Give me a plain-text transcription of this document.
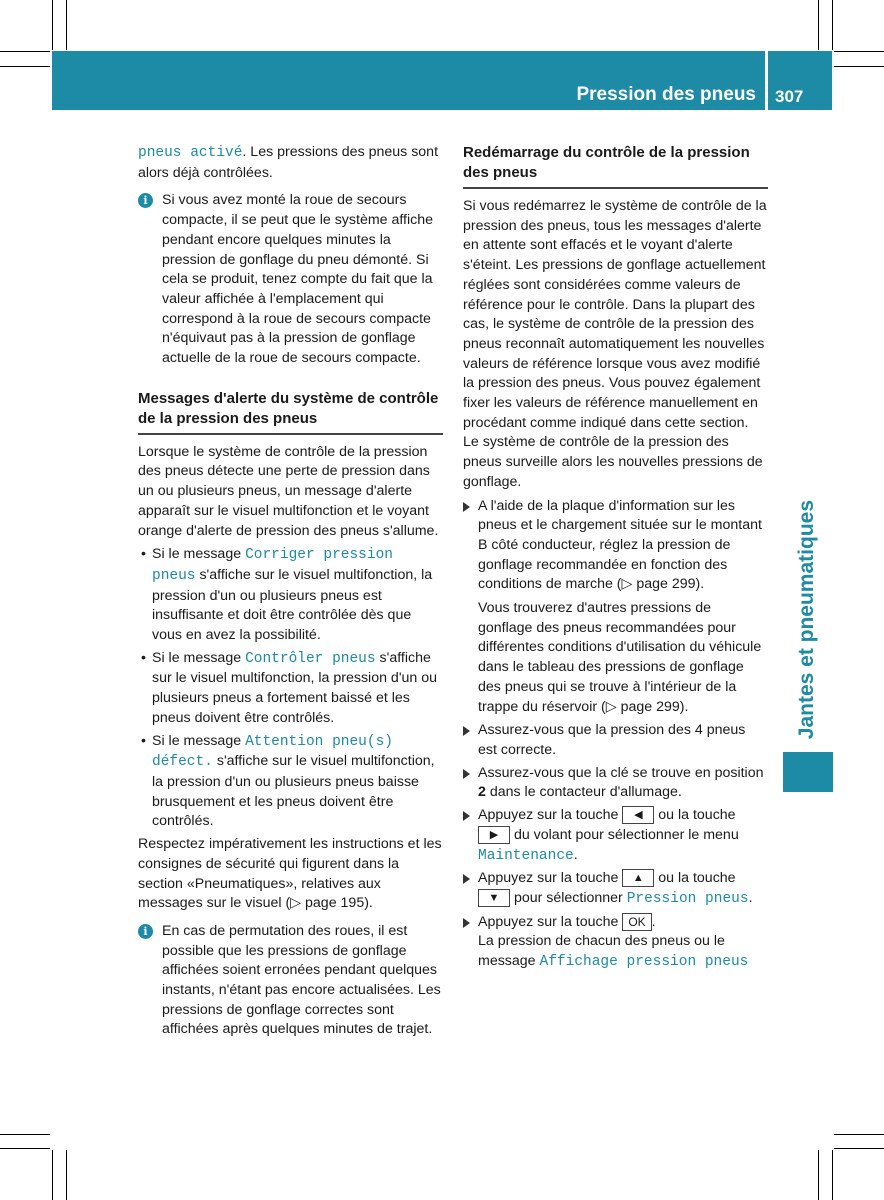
Pression des pneus 307
Jantes et pneumatiques

pneus activé. Les pressions des pneus sont alors déjà contrôlées.

i	Si vous avez monté la roue de secours compacte, il se peut que le système affiche pendant encore quelques minutes la pression de gonflage du pneu démonté. Si cela se produit, tenez compte du fait que la valeur affichée à l'emplacement qui correspond à la roue de secours compacte n'équivaut pas à la pression de gonflage actuelle de la roue de secours compacte.
Messages d'alerte du système de contrôle de la pression des pneus

Lorsque le système de contrôle de la pression des pneus détecte une perte de pression dans un ou plusieurs pneus, un message d'alerte apparaît sur le visuel multifonction et le voyant orange d'alerte de pression des pneus s'allume.

• Si le message Corriger pression pneus s'affiche sur le visuel multifonction, la pression d'un ou plusieurs pneus est insuffisante et doit être contrôlée dès que vous en avez la possibilité.
• Si le message Contrôler pneus s'affiche sur le visuel multifonction, la pression d'un ou plusieurs pneus a fortement baissé et les pneus doivent être contrôlés.
• Si le message Attention pneu(s) défect. s'affiche sur le visuel multifonction, la pression d'un ou plusieurs pneus baisse brusquement et les pneus doivent être contrôlés.

Respectez impérativement les instructions et les consignes de sécurité qui figurent dans la section «Pneumatiques», relatives aux messages sur le visuel (▷ page 195).

i	En cas de permutation des roues, il est possible que les pressions de gonflage affichées soient erronées pendant quelques instants, n'étant pas encore actualisées. Les pressions de gonflage correctes sont affichées après quelques minutes de trajet.
Redémarrage du contrôle de la pression des pneus

Si vous redémarrez le système de contrôle de la pression des pneus, tous les messages d'alerte en attente sont effacés et le voyant d'alerte s'éteint. Les pressions de gonflage actuellement réglées sont considérées comme valeurs de référence pour le contrôle. Dans la plupart des cas, le système de contrôle de la pression des pneus reconnaît automatiquement les nouvelles valeurs de référence lorsque vous avez modifié la pression des pneus. Vous pouvez également fixer les valeurs de référence manuellement en procédant comme indiqué dans cette section. Le système de contrôle de la pression des pneus surveille alors les nouvelles pressions de gonflage.

A l'aide de la plaque d'information sur les pneus et le chargement située sur le montant B côté conducteur, réglez la pression de gonflage recommandée en fonction des conditions de marche (▷ page 299).

Vous trouverez d'autres pressions de gonflage des pneus recommandées pour différentes conditions d'utilisation du véhicule dans le tableau des pressions de gonflage des pneus qui se trouve à l'intérieur de la trappe du réservoir (▷ page 299).

Assurez-vous que la pression des 4 pneus est correcte.
Assurez-vous que la clé se trouve en position 2 dans le contacteur d'allumage.
Appuyez sur la touche ◀ ou la touche ▶ du volant pour sélectionner le menu Maintenance.
Appuyez sur la touche ▲ ou la touche ▼ pour sélectionner Pression pneus.
Appuyez sur la touche OK .

La pression de chacun des pneus ou le message Affichage pression pneus
